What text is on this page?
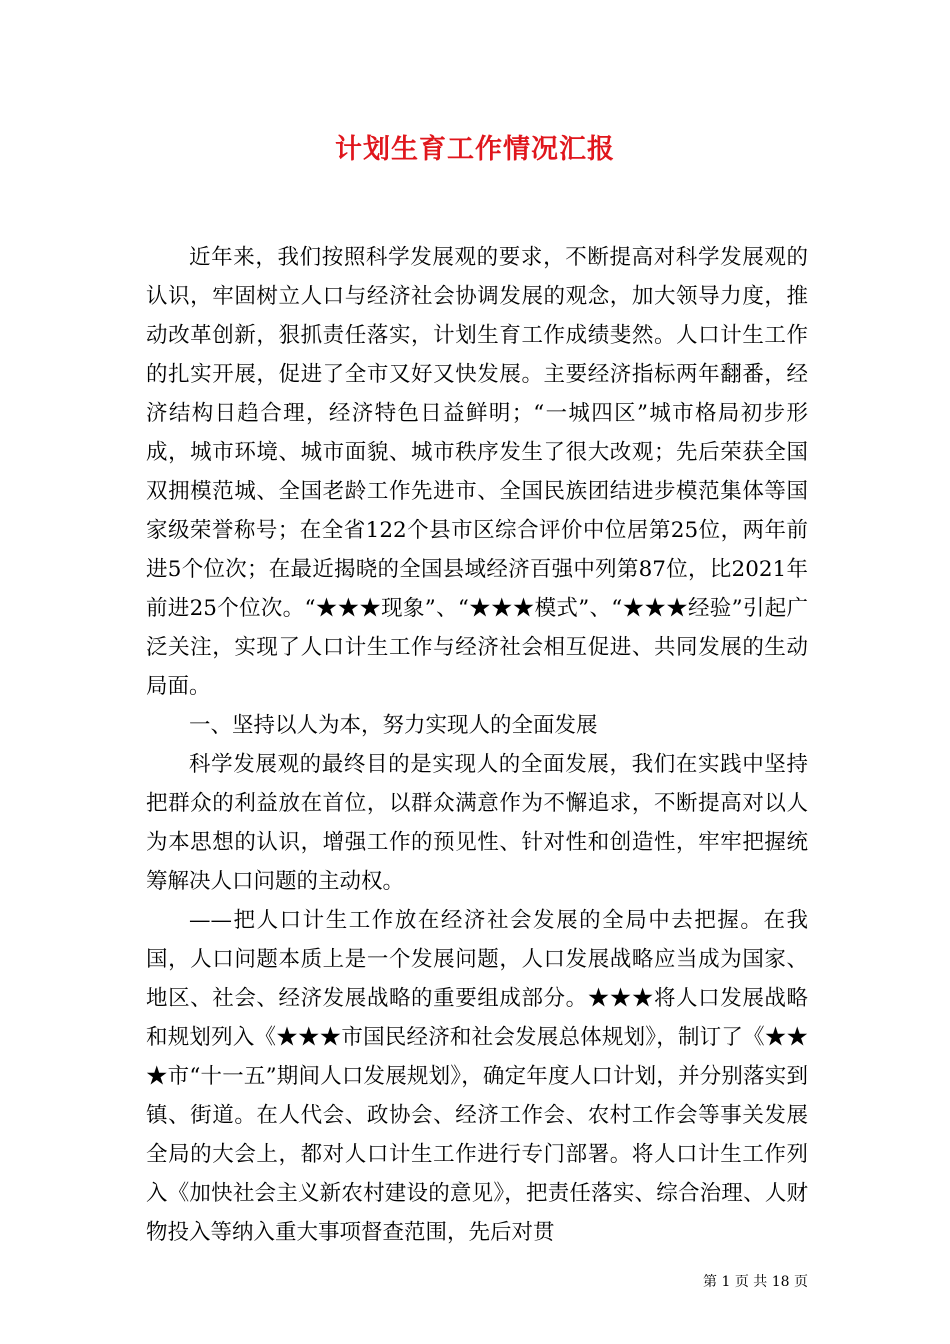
计划生育工作情况汇报

近年来，我们按照科学发展观的要求，不断提高对科学发展观的认识，牢固树立人口与经济社会协调发展的观念，加大领导力度，推动改革创新，狠抓责任落实，计划生育工作成绩斐然。人口计生工作的扎实开展，促进了全市又好又快发展。主要经济指标两年翻番，经济结构日趋合理，经济特色日益鲜明；“一城四区”城市格局初步形成，城市环境、城市面貌、城市秩序发生了很大改观；先后荣获全国双拥模范城、全国老龄工作先进市、全国民族团结进步模范集体等国家级荣誉称号；在全省122个县市区综合评价中位居第25位，两年前进5个位次；在最近揭晓的全国县域经济百强中列第87位，比2021年前进25个位次。“★★★现象”、“★★★模式”、“★★★经验”引起广泛关注，实现了人口计生工作与经济社会相互促进、共同发展的生动局面。

一、坚持以人为本，努力实现人的全面发展

科学发展观的最终目的是实现人的全面发展，我们在实践中坚持把群众的利益放在首位，以群众满意作为不懈追求，不断提高对以人为本思想的认识，增强工作的预见性、针对性和创造性，牢牢把握统筹解决人口问题的主动权。

——把人口计生工作放在经济社会发展的全局中去把握。在我国，人口问题本质上是一个发展问题，人口发展战略应当成为国家、地区、社会、经济发展战略的重要组成部分。★★★将人口发展战略和规划列入《★★★市国民经济和社会发展总体规划》，制订了《★★★市“十一五”期间人口发展规划》，确定年度人口计划，并分别落实到镇、街道。在人代会、政协会、经济工作会、农村工作会等事关发展全局的大会上，都对人口计生工作进行专门部署。将人口计生工作列入《加快社会主义新农村建设的意见》，把责任落实、综合治理、人财物投入等纳入重大事项督查范围，先后对贯

第 1 页 共 18 页
